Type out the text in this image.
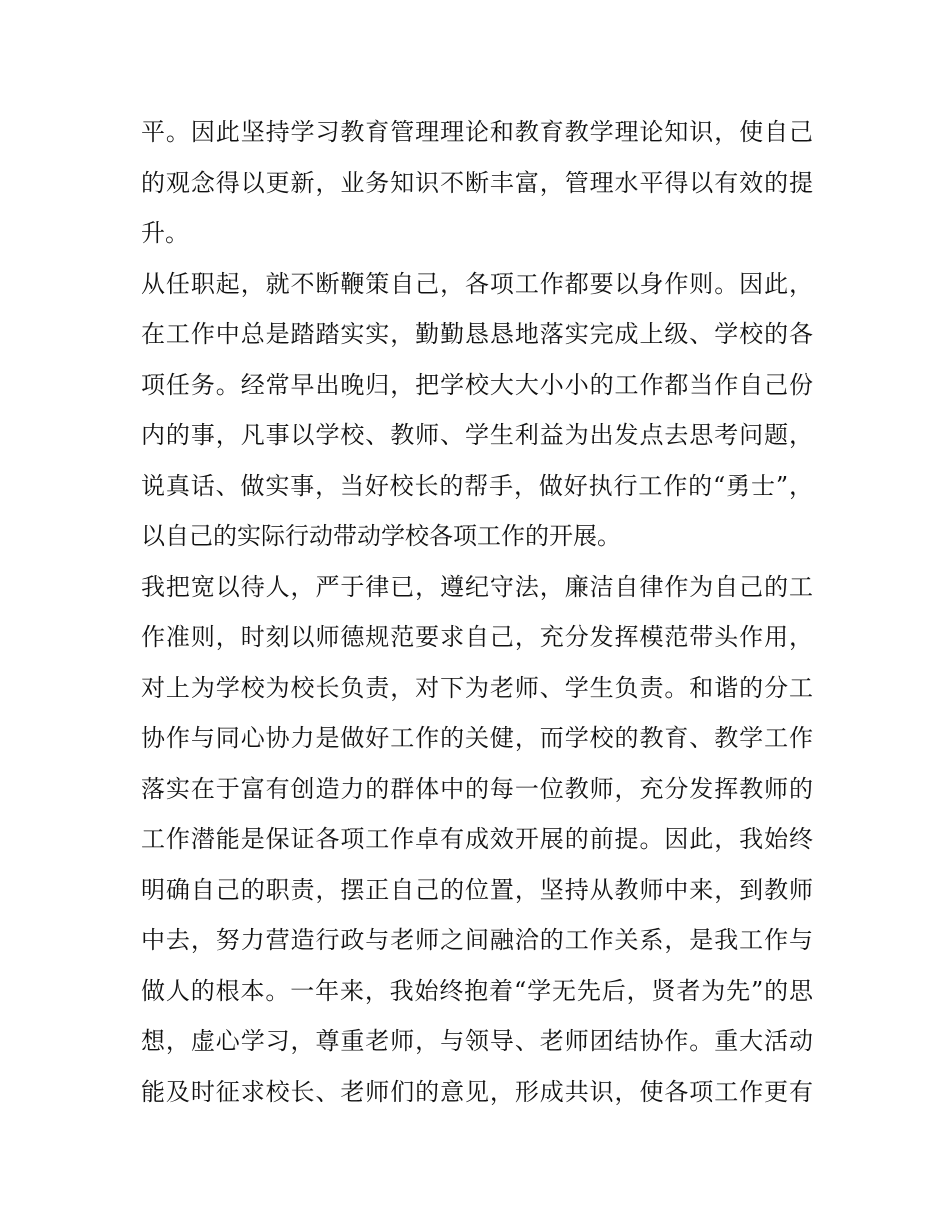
平。因此坚持学习教育管理理论和教育教学理论知识，使自己
的观念得以更新，业务知识不断丰富，管理水平得以有效的提
升。
从任职起，就不断鞭策自己，各项工作都要以身作则。因此，
在工作中总是踏踏实实，勤勤恳恳地落实完成上级、学校的各
项任务。经常早出晚归，把学校大大小小的工作都当作自己份
内的事，凡事以学校、教师、学生利益为出发点去思考问题，
说真话、做实事，当好校长的帮手，做好执行工作的“勇士”，
以自己的实际行动带动学校各项工作的开展。
我把宽以待人，严于律已，遵纪守法，廉洁自律作为自己的工
作准则，时刻以师德规范要求自己，充分发挥模范带头作用，
对上为学校为校长负责，对下为老师、学生负责。和谐的分工
协作与同心协力是做好工作的关健，而学校的教育、教学工作
落实在于富有创造力的群体中的每一位教师，充分发挥教师的
工作潜能是保证各项工作卓有成效开展的前提。因此，我始终
明确自己的职责，摆正自己的位置，坚持从教师中来，到教师
中去，努力营造行政与老师之间融洽的工作关系，是我工作与
做人的根本。一年来，我始终抱着“学无先后，贤者为先”的思
想，虚心学习，尊重老师，与领导、老师团结协作。重大活动
能及时征求校长、老师们的意见，形成共识，使各项工作更有
